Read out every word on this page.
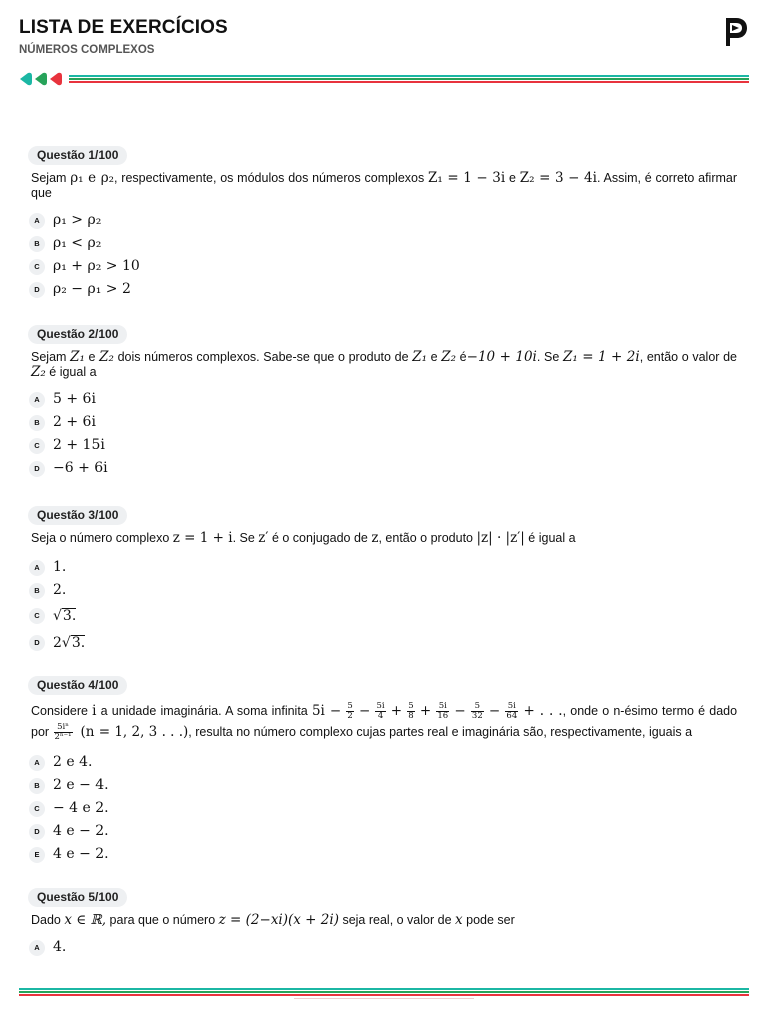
LISTA DE EXERCÍCIOS
NÚMEROS COMPLEXOS
Questão 1/100
Sejam ρ₁ e ρ₂, respectivamente, os módulos dos números complexos Z₁ = 1 − 3i e Z₂ = 3 − 4i. Assim, é correto afirmar que
A ρ₁ > ρ₂
B ρ₁ < ρ₂
C ρ₁ + ρ₂ > 10
D ρ₂ − ρ₁ > 2
Questão 2/100
Sejam Z₁ e Z₂ dois números complexos. Sabe-se que o produto de Z₁ e Z₂ é−10 + 10i. Se Z₁ = 1 + 2i, então o valor de Z₂ é igual a
A 5 + 6i
B 2 + 6i
C 2 + 15i
D −6 + 6i
Questão 3/100
Seja o número complexo z = 1 + i. Se z′ é o conjugado de z, então o produto |z| · |z′| é igual a
A 1.
B 2.
C √3.
D 2√3.
Questão 4/100
Considere i a unidade imaginária. A soma infinita $5i - \frac{5}{2} - \frac{5i}{4} + \frac{5}{8} + \frac{5i}{16} - \frac{5}{32} - \frac{5i}{64}$ + . . ., onde o n-ésimo termo é dado por $\frac{\text{5iⁿ}}{\text{2ⁿ⁻¹}} (n = 1$, 2, 3 . . .), resulta no número complexo cujas partes real e imaginária são, respectivamente, iguais a
A 2 e 4.
B 2 e − 4.
C − 4 e 2.
D 4 e − 2.
E 4 e − 2.
Questão 5/100
Dado x ∈ ℝ, para que o número z = (2−xi)(x + 2i) seja real, o valor de x pode ser
A 4.
